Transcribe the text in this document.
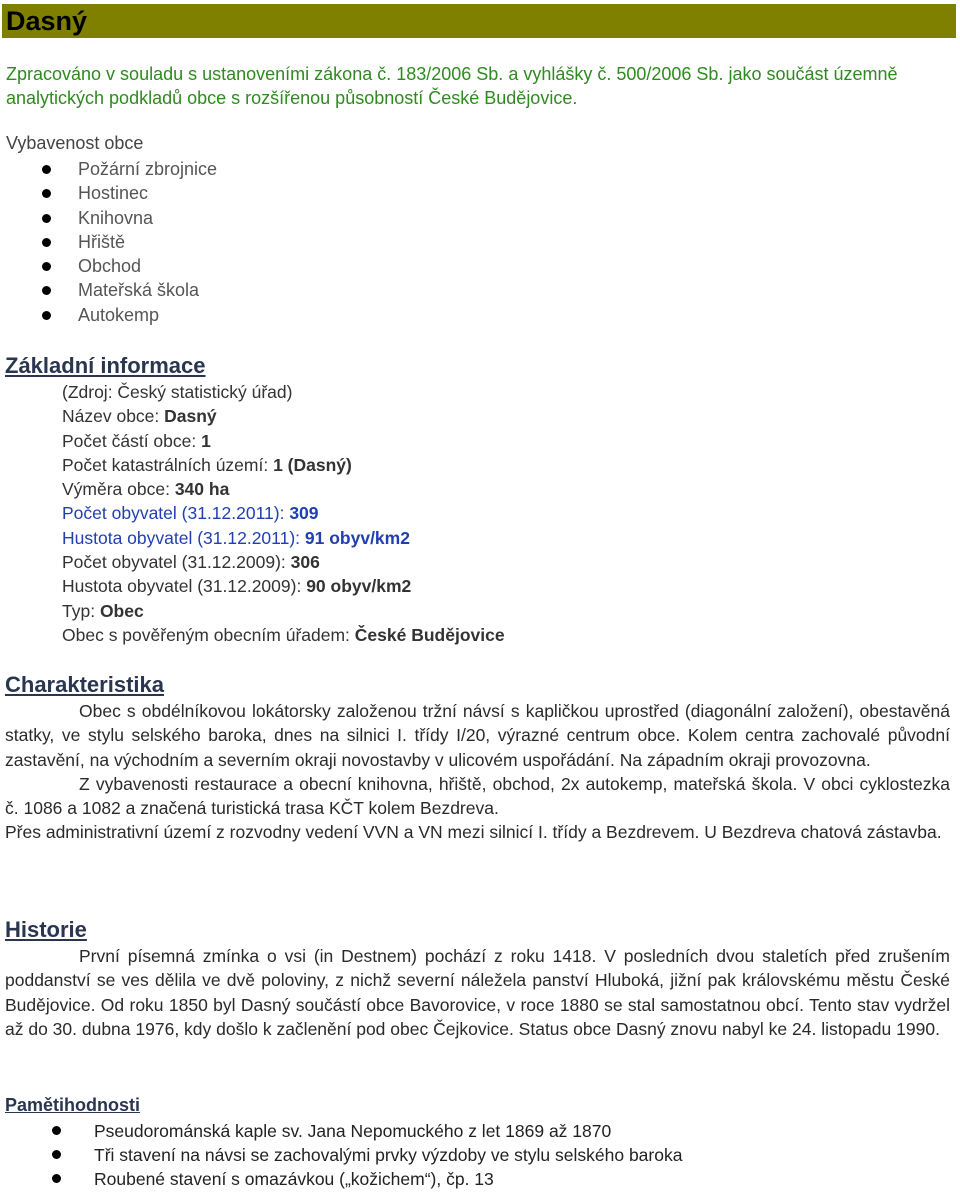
Dasný
Zpracováno v souladu s ustanoveními zákona č. 183/2006 Sb. a vyhlášky č. 500/2006 Sb. jako součást územně analytických podkladů obce s rozšířenou působností České Budějovice.
Vybavenost obce
Požární zbrojnice
Hostinec
Knihovna
Hřiště
Obchod
Mateřská škola
Autokemp
Základní informace
(Zdroj: Český statistický úřad)
Název obce: Dasný
Počet částí obce: 1
Počet katastrálních území: 1 (Dasný)
Výměra obce: 340 ha
Počet obyvatel (31.12.2011): 309
Hustota obyvatel (31.12.2011): 91 obyv/km2
Počet obyvatel (31.12.2009): 306
Hustota obyvatel (31.12.2009): 90 obyv/km2
Typ: Obec
Obec s pověřeným obecním úřadem: České Budějovice
Charakteristika

Obec s obdélníkovou lokátorsky založenou tržní návsí s kapličkou uprostřed (diagonální založení), obestavěná statky, ve stylu selského baroka, dnes na silnici I. třídy I/20, výrazné centrum obce. Kolem centra zachovalé původní zastavění, na východním a severním okraji novostavby v ulicovém uspořádání. Na západním okraji provozovna.

Z vybavenosti restaurace a obecní knihovna, hřiště, obchod, 2x autokemp, mateřská škola. V obci cyklostezka č. 1086 a 1082 a značená turistická trasa KČT kolem Bezdreva.

Přes administrativní území z rozvodny vedení VVN a VN mezi silnicí I. třídy a Bezdrevem. U Bezdreva chatová zástavba.

Historie

První písemná zmínka o vsi (in Destnem) pochází z roku 1418. V posledních dvou staletích před zrušením poddanství se ves dělila ve dvě poloviny, z nichž severní náležela panství Hluboká, jižní pak královskému městu České Budějovice. Od roku 1850 byl Dasný součástí obce Bavorovice, v roce 1880 se stal samostatnou obcí. Tento stav vydržel až do 30. dubna 1976, kdy došlo k začlenění pod obec Čejkovice. Status obce Dasný znovu nabyl ke 24. listopadu 1990.

Pamětihodnosti
Pseudorománská kaple sv. Jana Nepomuckého z let 1869 až 1870
Tři stavení na návsi se zachovalými prvky výzdoby ve stylu selského baroka
Roubené stavení s omazávkou („kožichem“), čp. 13
